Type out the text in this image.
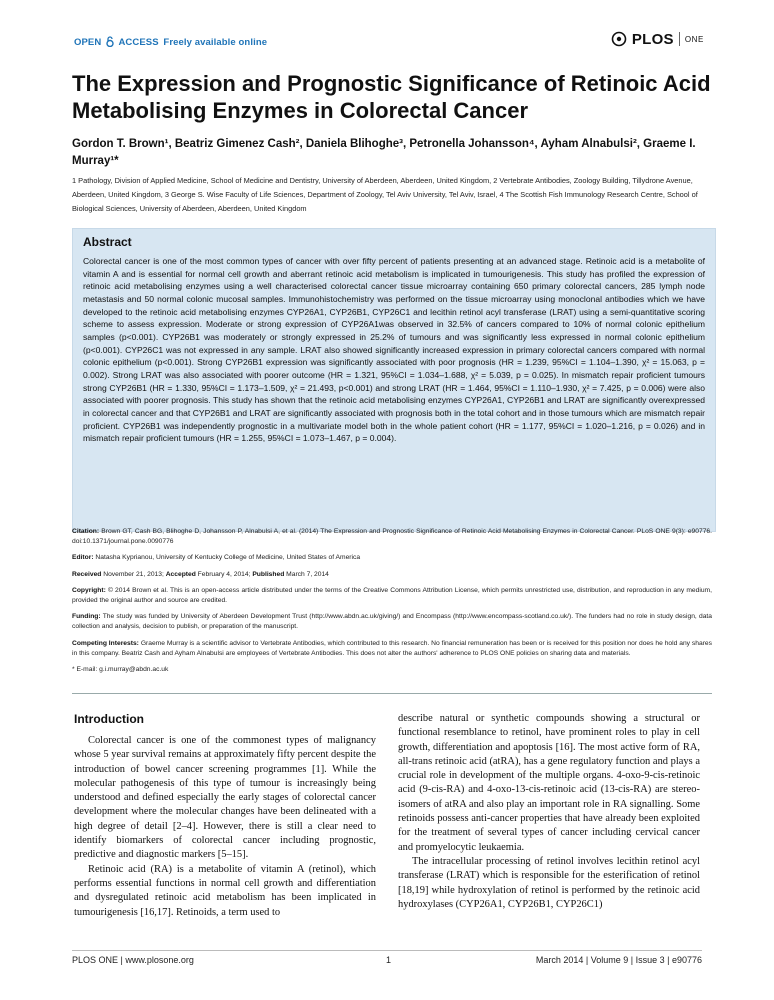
OPEN ACCESS Freely available online	PLOS ONE
The Expression and Prognostic Significance of Retinoic Acid Metabolising Enzymes in Colorectal Cancer

Gordon T. Brown¹, Beatriz Gimenez Cash², Daniela Blihoghe³, Petronella Johansson⁴, Ayham Alnabulsi², Graeme I. Murray¹*

1 Pathology, Division of Applied Medicine, School of Medicine and Dentistry, University of Aberdeen, Aberdeen, United Kingdom, 2 Vertebrate Antibodies, Zoology Building, Tillydrone Avenue, Aberdeen, United Kingdom, 3 George S. Wise Faculty of Life Sciences, Department of Zoology, Tel Aviv University, Tel Aviv, Israel, 4 The Scottish Fish Immunology Research Centre, School of Biological Sciences, University of Aberdeen, Aberdeen, United Kingdom

Abstract

Colorectal cancer is one of the most common types of cancer with over fifty percent of patients presenting at an advanced stage. Retinoic acid is a metabolite of vitamin A and is essential for normal cell growth and aberrant retinoic acid metabolism is implicated in tumourigenesis. This study has profiled the expression of retinoic acid metabolising enzymes using a well characterised colorectal cancer tissue microarray containing 650 primary colorectal cancers, 285 lymph node metastasis and 50 normal colonic mucosal samples. Immunohistochemistry was performed on the tissue microarray using monoclonal antibodies which we have developed to the retinoic acid metabolising enzymes CYP26A1, CYP26B1, CYP26C1 and lecithin retinol acyl transferase (LRAT) using a semi-quantitative scoring scheme to assess expression. Moderate or strong expression of CYP26A1was observed in 32.5% of cancers compared to 10% of normal colonic epithelium samples (p<0.001). CYP26B1 was moderately or strongly expressed in 25.2% of tumours and was significantly less expressed in normal colonic epithelium (p<0.001). CYP26C1 was not expressed in any sample. LRAT also showed significantly increased expression in primary colorectal cancers compared with normal colonic epithelium (p<0.001). Strong CYP26B1 expression was significantly associated with poor prognosis (HR = 1.239, 95%CI = 1.104–1.390, χ² = 15.063, p = 0.002). Strong LRAT was also associated with poorer outcome (HR = 1.321, 95%CI = 1.034–1.688, χ² = 5.039, p = 0.025). In mismatch repair proficient tumours strong CYP26B1 (HR = 1.330, 95%CI = 1.173–1.509, χ² = 21.493, p<0.001) and strong LRAT (HR = 1.464, 95%CI = 1.110–1.930, χ² = 7.425, p = 0.006) were also associated with poorer prognosis. This study has shown that the retinoic acid metabolising enzymes CYP26A1, CYP26B1 and LRAT are significantly overexpressed in colorectal cancer and that CYP26B1 and LRAT are significantly associated with prognosis both in the total cohort and in those tumours which are mismatch repair proficient. CYP26B1 was independently prognostic in a multivariate model both in the whole patient cohort (HR = 1.177, 95%CI = 1.020–1.216, p = 0.026) and in mismatch repair proficient tumours (HR = 1.255, 95%CI = 1.073–1.467, p = 0.004).

Citation: Brown GT, Cash BG, Blihoghe D, Johansson P, Alnabulsi A, et al. (2014) The Expression and Prognostic Significance of Retinoic Acid Metabolising Enzymes in Colorectal Cancer. PLoS ONE 9(3): e90776. doi:10.1371/journal.pone.0090776

Editor: Natasha Kyprianou, University of Kentucky College of Medicine, United States of America

Received November 21, 2013; Accepted February 4, 2014; Published March 7, 2014

Copyright: © 2014 Brown et al. This is an open-access article distributed under the terms of the Creative Commons Attribution License, which permits unrestricted use, distribution, and reproduction in any medium, provided the original author and source are credited.

Funding: The study was funded by University of Aberdeen Development Trust (http://www.abdn.ac.uk/giving/) and Encompass (http://www.encompass-scotland.co.uk/). The funders had no role in study design, data collection and analysis, decision to publish, or preparation of the manuscript.

Competing Interests: Graeme Murray is a scientific advisor to Vertebrate Antibodies, which contributed to this research. No financial remuneration has been or is received for this position nor does he hold any shares in this company. Beatriz Cash and Ayham Alnabulsi are employees of Vertebrate Antibodies. This does not alter the authors' adherence to PLOS ONE policies on sharing data and materials.

* E-mail: g.i.murray@abdn.ac.uk

Introduction

Colorectal cancer is one of the commonest types of malignancy whose 5 year survival remains at approximately fifty percent despite the introduction of bowel cancer screening programmes [1]. While the molecular pathogenesis of this type of tumour is increasingly being understood and defined especially the early stages of colorectal cancer development where the molecular changes have been delineated with a high degree of detail [2–4]. However, there is still a clear need to identify biomarkers of colorectal cancer including prognostic, predictive and diagnostic markers [5–15].

Retinoic acid (RA) is a metabolite of vitamin A (retinol), which performs essential functions in normal cell growth and differentiation and dysregulated retinoic acid metabolism has been implicated in tumourigenesis [16,17]. Retinoids, a term used to

describe natural or synthetic compounds showing a structural or functional resemblance to retinol, have prominent roles to play in cell growth, differentiation and apoptosis [16]. The most active form of RA, all-trans retinoic acid (atRA), has a gene regulatory function and plays a crucial role in development of the multiple organs. 4-oxo-9-cis-retinoic acid (9-cis-RA) and 4-oxo-13-cis-retinoic acid (13-cis-RA) are stereo-isomers of atRA and also play an important role in RA signalling. Some retinoids possess anti-cancer properties that have already been exploited for the treatment of several types of cancer including cervical cancer and promyelocytic leukaemia.

The intracellular processing of retinol involves lecithin retinol acyl transferase (LRAT) which is responsible for the esterification of retinol [18,19] while hydroxylation of retinol is performed by the retinoic acid hydroxylases (CYP26A1, CYP26B1, CYP26C1)

PLOS ONE | www.plosone.org	1	March 2014 | Volume 9 | Issue 3 | e90776
